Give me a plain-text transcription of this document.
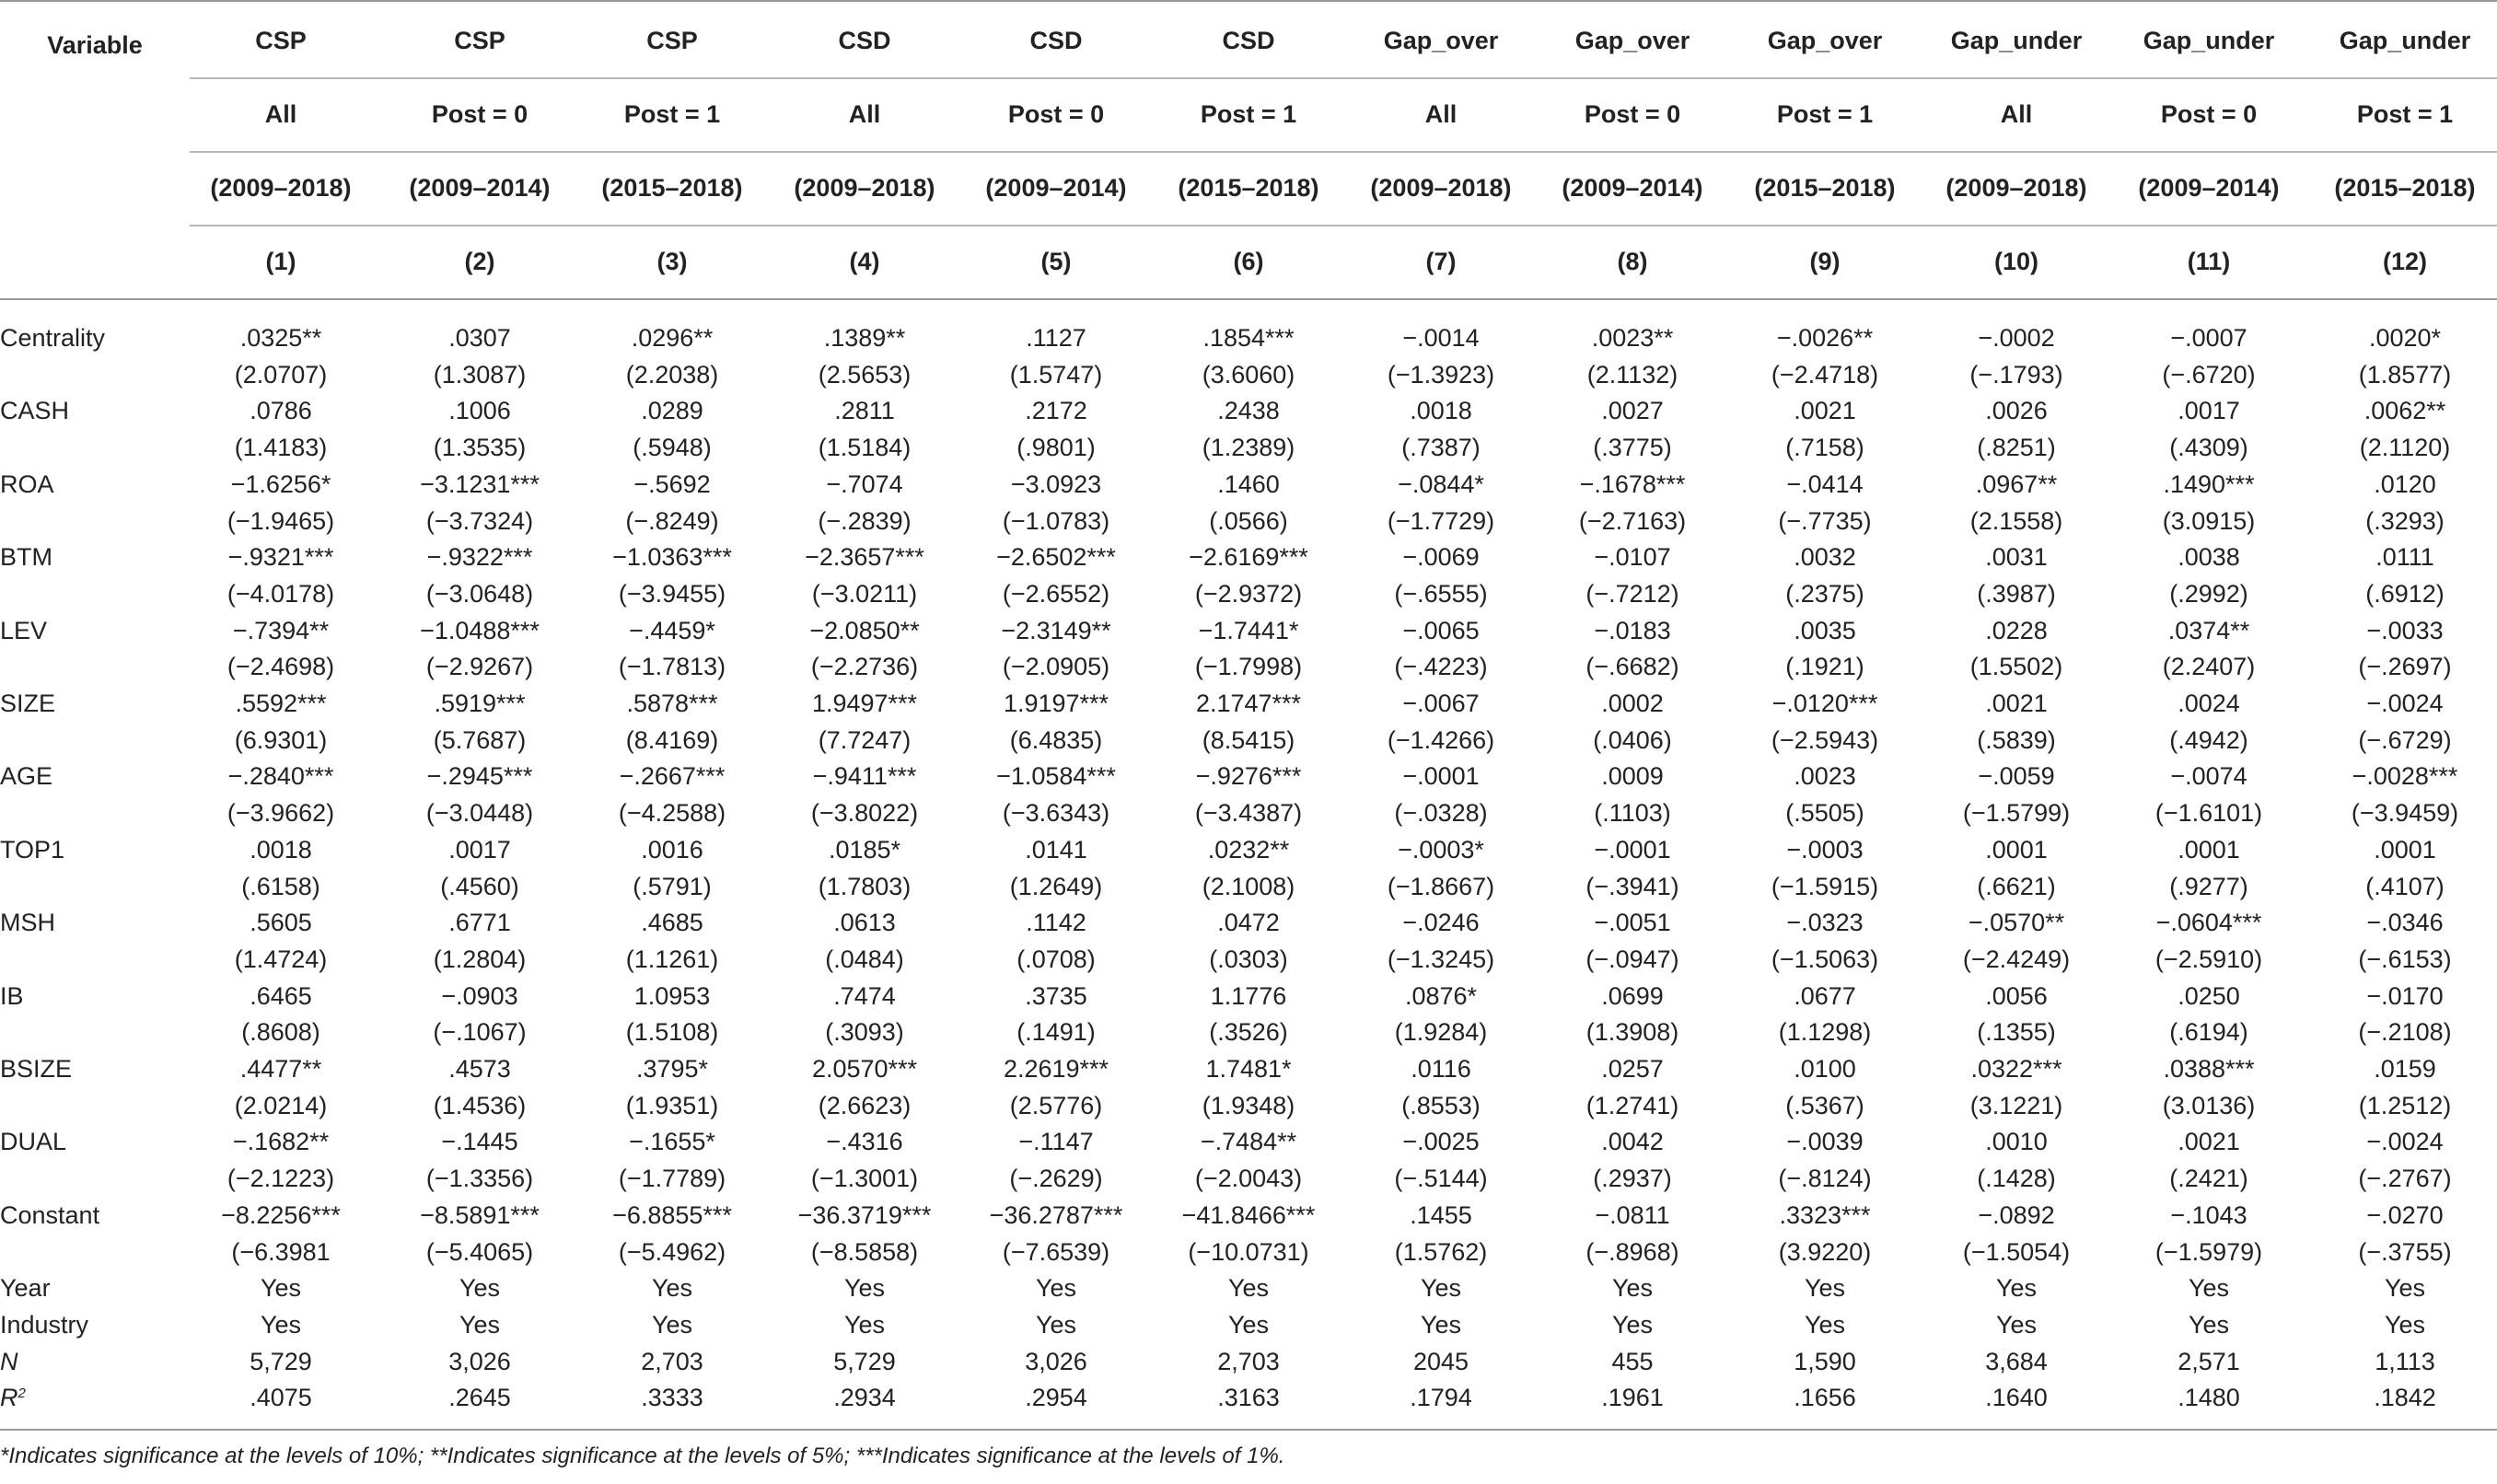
Variable	CSP	CSP	CSP	CSD	CSD	CSD	Gap_over	Gap_over	Gap_over	Gap_under	Gap_under	Gap_under
All	Post = 0	Post = 1	All	Post = 0	Post = 1	All	Post = 0	Post = 1	All	Post = 0	Post = 1
(2009–2018)	(2009–2014)	(2015–2018)	(2009–2018)	(2009–2014)	(2015–2018)	(2009–2018)	(2009–2014)	(2015–2018)	(2009–2018)	(2009–2014)	(2015–2018)
(1)	(2)	(3)	(4)	(5)	(6)	(7)	(8)	(9)	(10)	(11)	(12)
Centrality	.0325**	.0307	.0296**	.1389**	.1127	.1854***	−.0014	.0023**	−.0026**	−.0002	−.0007	.0020*
(2.0707)	(1.3087)	(2.2038)	(2.5653)	(1.5747)	(3.6060)	(−1.3923)	(2.1132)	(−2.4718)	(−.1793)	(−.6720)	(1.8577)
CASH	.0786	.1006	.0289	.2811	.2172	.2438	.0018	.0027	.0021	.0026	.0017	.0062**
(1.4183)	(1.3535)	(.5948)	(1.5184)	(.9801)	(1.2389)	(.7387)	(.3775)	(.7158)	(.8251)	(.4309)	(2.1120)
ROA	−1.6256*	−3.1231***	−.5692	−.7074	−3.0923	.1460	−.0844*	−.1678***	−.0414	.0967**	.1490***	.0120
(−1.9465)	(−3.7324)	(−.8249)	(−.2839)	(−1.0783)	(.0566)	(−1.7729)	(−2.7163)	(−.7735)	(2.1558)	(3.0915)	(.3293)
BTM	−.9321***	−.9322***	−1.0363***	−2.3657***	−2.6502***	−2.6169***	−.0069	−.0107	.0032	.0031	.0038	.0111
(−4.0178)	(−3.0648)	(−3.9455)	(−3.0211)	(−2.6552)	(−2.9372)	(−.6555)	(−.7212)	(.2375)	(.3987)	(.2992)	(.6912)
LEV	−.7394**	−1.0488***	−.4459*	−2.0850**	−2.3149**	−1.7441*	−.0065	−.0183	.0035	.0228	.0374**	−.0033
(−2.4698)	(−2.9267)	(−1.7813)	(−2.2736)	(−2.0905)	(−1.7998)	(−.4223)	(−.6682)	(.1921)	(1.5502)	(2.2407)	(−.2697)
SIZE	.5592***	.5919***	.5878***	1.9497***	1.9197***	2.1747***	−.0067	.0002	−.0120***	.0021	.0024	−.0024
(6.9301)	(5.7687)	(8.4169)	(7.7247)	(6.4835)	(8.5415)	(−1.4266)	(.0406)	(−2.5943)	(.5839)	(.4942)	(−.6729)
AGE	−.2840***	−.2945***	−.2667***	−.9411***	−1.0584***	−.9276***	−.0001	.0009	.0023	−.0059	−.0074	−.0028***
(−3.9662)	(−3.0448)	(−4.2588)	(−3.8022)	(−3.6343)	(−3.4387)	(−.0328)	(.1103)	(.5505)	(−1.5799)	(−1.6101)	(−3.9459)
TOP1	.0018	.0017	.0016	.0185*	.0141	.0232**	−.0003*	−.0001	−.0003	.0001	.0001	.0001
(.6158)	(.4560)	(.5791)	(1.7803)	(1.2649)	(2.1008)	(−1.8667)	(−.3941)	(−1.5915)	(.6621)	(.9277)	(.4107)
MSH	.5605	.6771	.4685	.0613	.1142	.0472	−.0246	−.0051	−.0323	−.0570**	−.0604***	−.0346
(1.4724)	(1.2804)	(1.1261)	(.0484)	(.0708)	(.0303)	(−1.3245)	(−.0947)	(−1.5063)	(−2.4249)	(−2.5910)	(−.6153)
IB	.6465	−.0903	1.0953	.7474	.3735	1.1776	.0876*	.0699	.0677	.0056	.0250	−.0170
(.8608)	(−.1067)	(1.5108)	(.3093)	(.1491)	(.3526)	(1.9284)	(1.3908)	(1.1298)	(.1355)	(.6194)	(−.2108)
BSIZE	.4477**	.4573	.3795*	2.0570***	2.2619***	1.7481*	.0116	.0257	.0100	.0322***	.0388***	.0159
(2.0214)	(1.4536)	(1.9351)	(2.6623)	(2.5776)	(1.9348)	(.8553)	(1.2741)	(.5367)	(3.1221)	(3.0136)	(1.2512)
DUAL	−.1682**	−.1445	−.1655*	−.4316	−.1147	−.7484**	−.0025	.0042	−.0039	.0010	.0021	−.0024
(−2.1223)	(−1.3356)	(−1.7789)	(−1.3001)	(−.2629)	(−2.0043)	(−.5144)	(.2937)	(−.8124)	(.1428)	(.2421)	(−.2767)
Constant	−8.2256***	−8.5891***	−6.8855***	−36.3719***	−36.2787***	−41.8466***	.1455	−.0811	.3323***	−.0892	−.1043	−.0270
(−6.3981	(−5.4065)	(−5.4962)	(−8.5858)	(−7.6539)	(−10.0731)	(1.5762)	(−.8968)	(3.9220)	(−1.5054)	(−1.5979)	(−.3755)
Year	Yes	Yes	Yes	Yes	Yes	Yes	Yes	Yes	Yes	Yes	Yes	Yes
Industry	Yes	Yes	Yes	Yes	Yes	Yes	Yes	Yes	Yes	Yes	Yes	Yes
N	5,729	3,026	2,703	5,729	3,026	2,703	2045	455	1,590	3,684	2,571	1,113
$R^2$	.4075	.2645	.3333	.2934	.2954	.3163	.1794	.1961	.1656	.1640	.1480	.1842
*Indicates significance at the levels of 10%; **Indicates significance at the levels of 5%; ***Indicates significance at the levels of 1%.
